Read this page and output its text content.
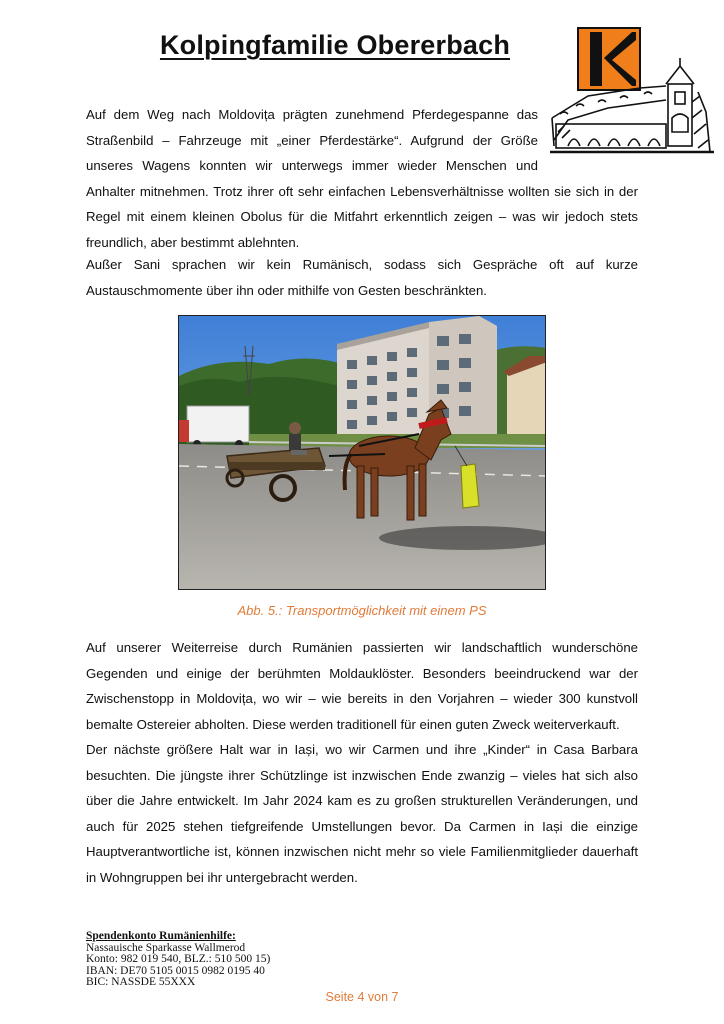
Kolpingfamilie Obererbach
Auf dem Weg nach Moldovița prägten zunehmend Pferdegespanne das
Straßenbild – Fahrzeuge mit „einer Pferdestärke“. Aufgrund der Größe
unseres Wagens konnten wir unterwegs immer wieder Menschen und
Anhalter mitnehmen. Trotz ihrer oft sehr einfachen Lebensverhältnisse wollten sie sich in der
Regel mit einem kleinen Obolus für die Mitfahrt erkenntlich zeigen – was wir jedoch stets
freundlich, aber bestimmt ablehnten.
Außer Sani sprachen wir kein Rumänisch, sodass sich Gespräche oft auf kurze
Austauschmomente über ihn oder mithilfe von Gesten beschränkten.
Abb. 5.: Transportmöglichkeit mit einem PS
Auf unserer Weiterreise durch Rumänien passierten wir landschaftlich wunderschöne
Gegenden und einige der berühmten Moldauklöster. Besonders beeindruckend war der
Zwischenstopp in Moldovița, wo wir – wie bereits in den Vorjahren – wieder 300 kunstvoll
bemalte Ostereier abholten. Diese werden traditionell für einen guten Zweck weiterverkauft.
Der nächste größere Halt war in Iași, wo wir Carmen und ihre „Kinder“ in Casa Barbara
besuchten. Die jüngste ihrer Schützlinge ist inzwischen Ende zwanzig – vieles hat sich also
über die Jahre entwickelt. Im Jahr 2024 kam es zu großen strukturellen Veränderungen, und
auch für 2025 stehen tiefgreifende Umstellungen bevor. Da Carmen in Iași die einzige
Hauptverantwortliche ist, können inzwischen nicht mehr so viele Familienmitglieder dauerhaft
in Wohngruppen bei ihr untergebracht werden.
Spendenkonto Rumänienhilfe:
Nassauische Sparkasse Wallmerod
Konto: 982 019 540, BLZ.: 510 500 15)
IBAN: DE70 5105 0015 0982 0195 40
BIC: NASSDE 55XXX
Seite 4 von 7
